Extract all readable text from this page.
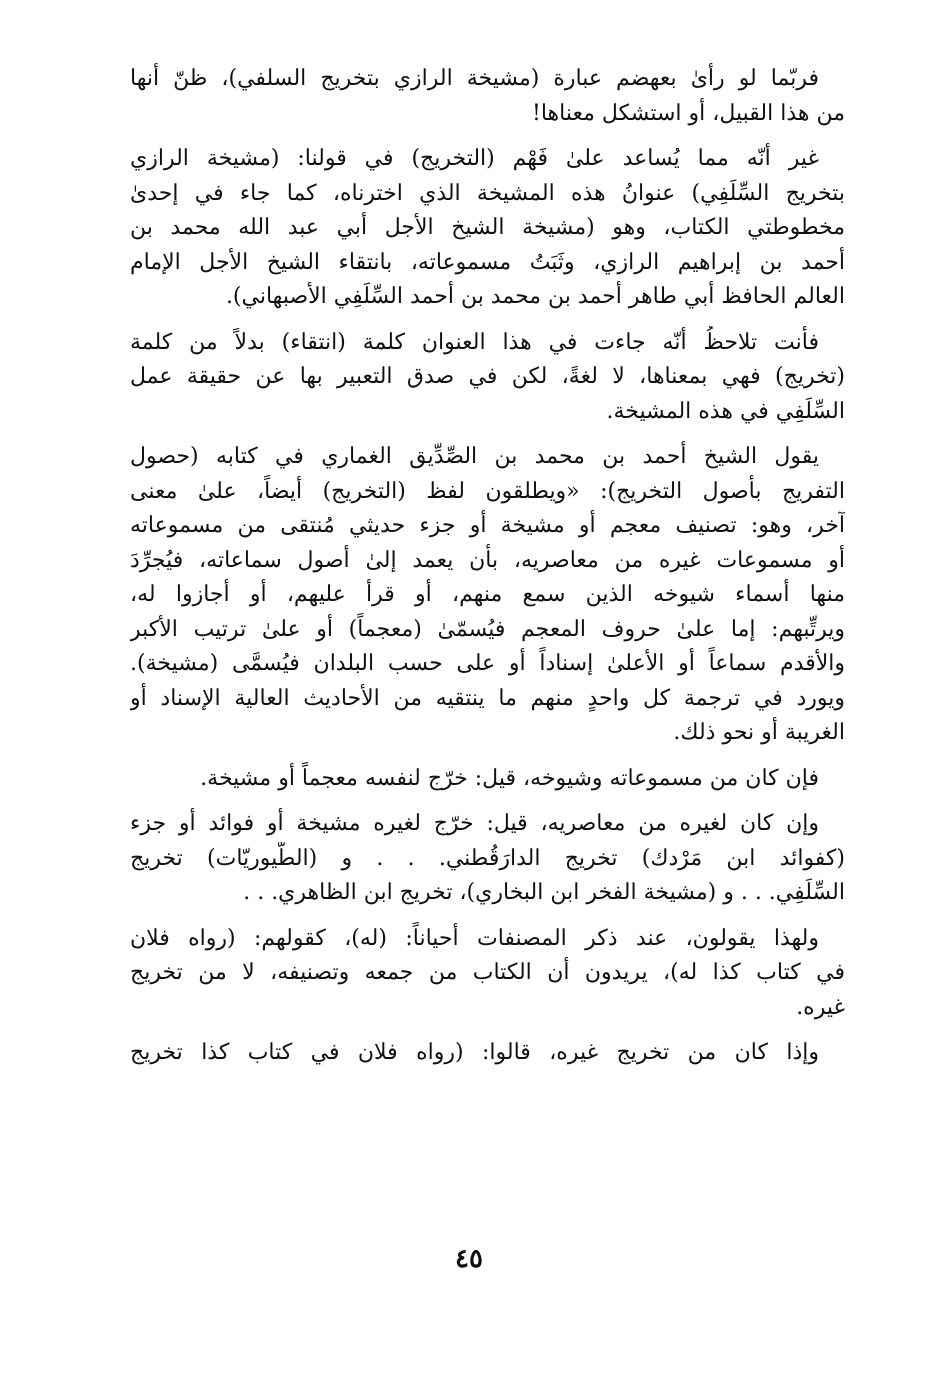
فربّما لو رأىٰ بعهضم عبارة (مشيخة الرازي بتخريج السلفي)، ظنّ أنها
من هذا القبيل، أو استشكل معناها!
غير أنّه مما يُساعد علىٰ فَهْم (التخريج) في قولنا: (مشيخة الرازي
بتخريج السِّلَفِي) عنوانُ هذه المشيخة الذي اخترناه، كما جاء في إحدىٰ
مخطوطتي الكتاب، وهو (مشيخة الشيخ الأجل أبي عبد الله محمد بن
أحمد بن إبراهيم الرازي، وثَبَتُ مسموعاته، بانتقاء الشيخ الأجل الإمام
العالم الحافظ أبي طاهر أحمد بن محمد بن أحمد السِّلَفِي الأصبهاني).
فأنت تلاحظُ أنّه جاءت في هذا العنوان كلمة (انتقاء) بدلاً من كلمة
(تخريج) فهي بمعناها، لا لغةً، لكن في صدق التعبير بها عن حقيقة عمل
السِّلَفِي في هذه المشيخة.
يقول الشيخ أحمد بن محمد بن الصِّدِّيق الغماري في كتابه (حصول
التفريج بأصول التخريج): «ويطلقون لفظ (التخريج) أيضاً، علىٰ معنى
آخر، وهو: تصنيف معجم أو مشيخة أو جزء حديثي مُنتقى من مسموعاته
أو مسموعات غيره من معاصريه، بأن يعمد إلىٰ أصول سماعاته، فيُجرِّدَ
منها أسماء شيوخه الذين سمع منهم، أو قرأ عليهم، أو أجازوا له،
ويرتِّبهم: إما علىٰ حروف المعجم فيُسمّىٰ (معجماً) أو علىٰ ترتيب الأكبر
والأقدم سماعاً أو الأعلىٰ إسناداً أو على حسب البلدان فيُسمَّى (مشيخة).
ويورد في ترجمة كل واحدٍ منهم ما ينتقيه من الأحاديث العالية الإسناد أو
الغريبة أو نحو ذلك.
فإن كان من مسموعاته وشيوخه، قيل: خرّج لنفسه معجماً أو مشيخة.
وإن كان لغيره من معاصريه، قيل: خرّج لغيره مشيخة أو فوائد أو جزء
(كفوائد ابن مَرْدك) تخريج الدارَقُطني. . . و (الطُّيوريّات) تخريج
السِّلَفِي. . . و (مشيخة الفخر ابن البخاري)، تخريج ابن الظاهري. . .
ولهذا يقولون، عند ذكر المصنفات أحياناً: (له)، كقولهم: (رواه فلان
في كتاب كذا له)، يريدون أن الكتاب من جمعه وتصنيفه، لا من تخريج
غيره.
وإذا كان من تخريج غيره، قالوا: (رواه فلان في كتاب كذا تخريج
٤٥
